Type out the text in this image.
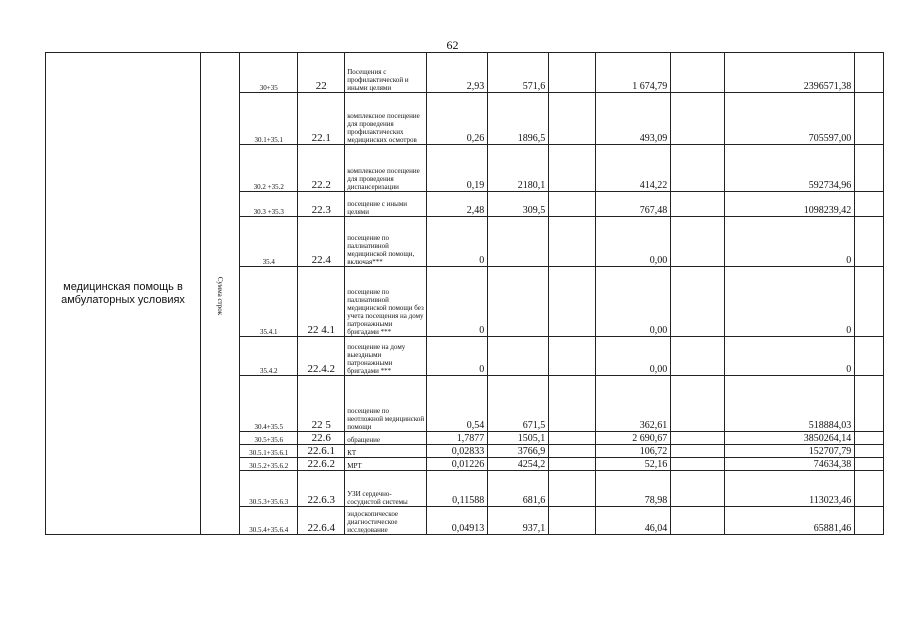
62
медицинская помощь в амбулаторных условиях	Сумма строк	30+35	22	Посещения с профилактической и иными целями	2,93	571,6		1 674,79		2396571,38	
		30.1+35.1	22.1	комплексное посещение для проведения профилактических медицинских осмотров	0,26	1896,5		493,09		705597,00	
		30.2 +35.2	22.2	комплексное посещение для проведения диспансеризации	0,19	2180,1		414,22		592734,96	
		30.3 +35.3	22.3	посещение с иными целями	2,48	309,5		767,48		1098239,42	
		35.4	22.4	посещение по паллиативной медицинской помощи, включая***	0			0,00		0	
		35.4.1	22 4.1	посещение по паллиативной медицинской помощи без учета посещения на дому патронажными бригадами ***	0			0,00		0	
		35.4.2	22.4.2	посещение на дому выездными патронажными бригадами ***	0			0,00		0	
		30.4+35.5	22 5	посещение по неотложной медицинской помощи	0,54	671,5		362,61		518884,03	
		30.5+35.6	22.6	обращение	1,7877	1505,1		2 690,67		3850264,14	
		30.5.1+35.6.1	22.6.1	КТ	0,02833	3766,9		106,72		152707,79	
		30.5.2+35.6.2	22.6.2	МРТ	0,01226	4254,2		52,16		74634,38	
		30.5.3+35.6.3	22.6.3	УЗИ сердечно-сосудистой системы	0,11588	681,6		78,98		113023,46	
		30.5.4+35.6.4	22.6.4	эндоскопическое диагностическое исследование	0,04913	937,1		46,04		65881,46	
